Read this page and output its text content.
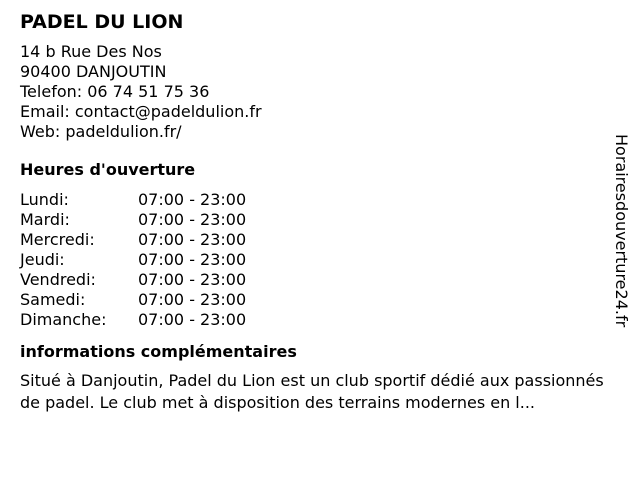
PADEL DU LION
14 b Rue Des Nos
90400 DANJOUTIN
Telefon: 06 74 51 75 36
Email: contact@padeldulion.fr
Web: padeldulion.fr/
Heures d'ouverture
Lundi:	07:00 - 23:00
Mardi:	07:00 - 23:00
Mercredi:	07:00 - 23:00
Jeudi:	07:00 - 23:00
Vendredi:	07:00 - 23:00
Samedi:	07:00 - 23:00
Dimanche:	07:00 - 23:00
informations complémentaires
Situé à Danjoutin, Padel du Lion est un club sportif dédié aux passionnés de padel. Le club met à disposition des terrains modernes en l...
Horairesdouverture24.fr
